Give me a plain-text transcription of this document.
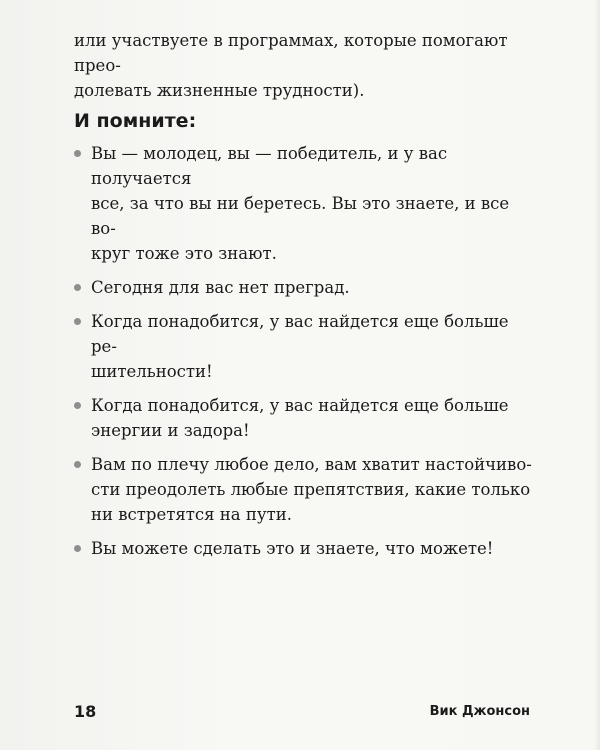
или участвуете в программах, которые помогают прео-

долевать жизненные трудности).

И помните:
Вы — молодец, вы — победитель, и у вас получается
все, за что вы ни беретесь. Вы это знаете, и все во-
круг тоже это знают.
Сегодня для вас нет преград.
Когда понадобится, у вас найдется еще больше ре-
шительности!
Когда понадобится, у вас найдется еще больше
энергии и задора!
Вам по плечу любое дело, вам хватит настойчиво-
сти преодолеть любые препятствия, какие только
ни встретятся на пути.
Вы можете сделать это и знаете, что можете!
18	Вик Джонсон
